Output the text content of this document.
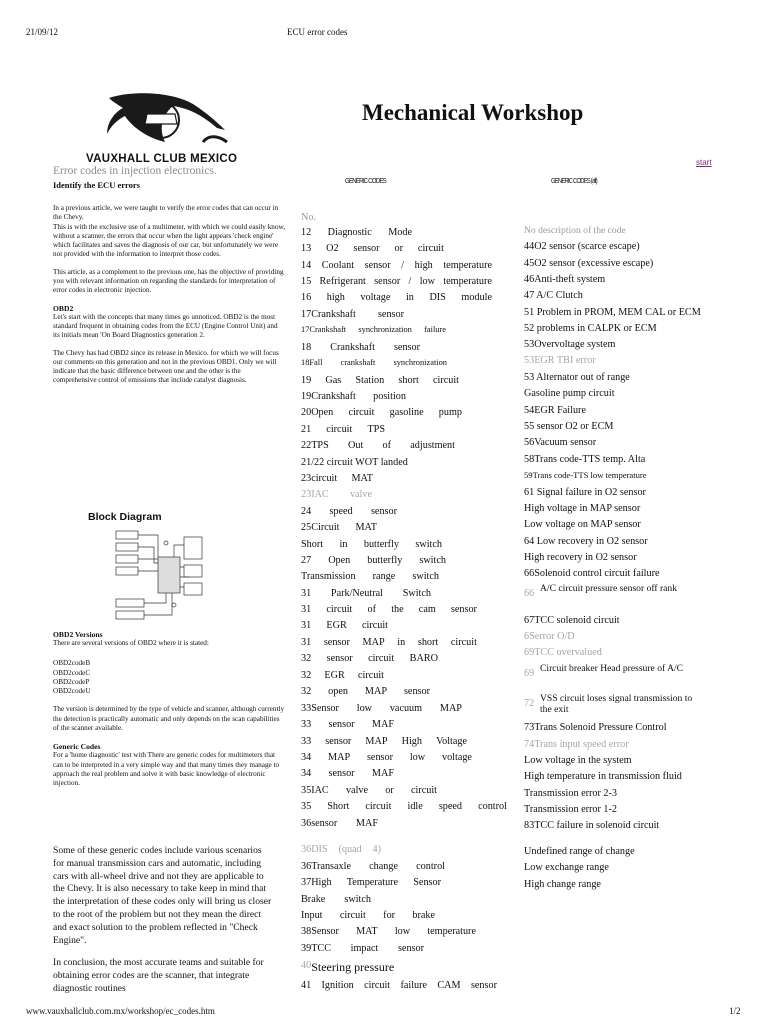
21/09/12	ECU error codes
VAUXHALL CLUB MEXICO
Mechanical Workshop
start
GENERIC CODES	GENERIC CODES (alt)
Error codes in injection electronics.
Identify the ECU errors

In a previous article, we were taught to verify the error codes that can occur in the Chevy.

This is with the exclusive use of a multimeter, with which we could easily know, without a scanner, the errors that occur when the light appears 'check engine' which facilitates and saves the diagnosis of our car, but unfortunately we were not provided with the information to interpret those codes.

This article, as a complement to the previous one, has the objective of providing you with relevant information on regarding the standards for interpretation of error codes in electronic injection.

OBD2

Let's start with the concepts that many times go unnoticed. OBD2 is the most standard frequent in obtaining codes from the ECU (Engine Control Unit) and its initials mean 'On Board Diagnostics generation 2.

The Chevy has had OBD2 since its release in Mexico. for which we will focus our comments on this generation and not in the previous OBD1. Only we will indicate that the basic difference between one and the other is the comprehensive control of emissions that include catalyst diagnosis.

Block Diagram

OBD2 Versions

There are several versions of OBD2 where it is stated:

OBD2codeB

OBD2codeC

OBD2codeP

OBD2codeU

The version is determined by the type of vehicle and scanner, although currently the detection is practically automatic and only depends on the scan capabilities of the scanner available.

Generic Codes

For a 'home diagnostic' test with There are generic codes for multimeters that can to be interpreted in a very simple way and that many times they manage to approach the real problem and solve it with basic knowledge of electronic injection.

Some of these generic codes include various scenarios for manual transmission cars and automatic, including cars with all-wheel drive and not they are applicable to the Chevy. It is also necessary to take keep in mind that the interpretation of these codes only will bring us closer to the root of the problem but not they mean the direct and exact solution to the problem reflected in "Check Engine".

In conclusion, the most accurate teams and suitable for obtaining error codes are the scanner, that integrate diagnostic routines

No.
12 Diagnostic Mode
13 O2 sensor or circuit
14 Coolant sensor / high temperature
15 Refrigerant sensor / low temperature
16 high voltage in DIS module
17Crankshaft sensor
17Crankshaft synchronization failure
18 Crankshaft sensor
18Fall crankshaft synchronization
19 Gas Station short circuit
19Crankshaft position
20Open circuit gasoline pump
21 circuit TPS
22TPS Out of adjustment
21/22 circuit WOT landed
23circuit MAT
23IAC valve
24 speed sensor
25Circuit MAT
Short in butterfly switch
27 Open butterfly switch
Transmission range switch
31 Park/Neutral Switch
31 circuit of the cam sensor
31 EGR circuit
31 sensor MAP in short circuit
32 sensor circuit BARO
32 EGR circuit
32 open MAP sensor
33Sensor low vacuum MAP
33 sensor MAF
33 sensor MAP High Voltage
34 MAP sensor low voltage
34 sensor MAF
35IAC valve or circuit
35 Short circuit idle speed control
36sensor MAF
36DIS (quad 4)
36Transaxle change control
37High Temperature Sensor
Brake switch
Input circuit for brake
38Sensor MAT low temperature
39TCC impact sensor
40 Steering pressure
41 Ignition circuit failure CAM sensor
No description of the code
44O2 sensor (scarce escape)
45O2 sensor (excessive escape)
46Anti-theft system
47 A/C Clutch
51 Problem in PROM, MEM CAL or ECM
52 problems in CALPK or ECM
53Overvoltage system
53EGR TBI error
53 Alternator out of range
Gasoline pump circuit
54EGR Failure
55 sensor O2 or ECM
56Vacuum sensor
58Trans code-TTS temp. Alta
59Trans code-TTS low temperature
61 Signal failure in O2 sensor
High voltage in MAP sensor
Low voltage on MAP sensor
64 Low recovery in O2 sensor
High recovery in O2 sensor
66Solenoid control circuit failure
66 A/C circuit pressure sensor off rank
67TCC solenoid circuit
6Serror O/D
69TCC overvalued
69 Circuit breaker Head pressure of A/C
72 VSS circuit loses signal transmission to the exit
73Trans Solenoid Pressure Control
74Trans input speed error
Low voltage in the system
High temperature in transmission fluid
Transmission error 2-3
Transmission error 1-2
83TCC failure in solenoid circuit
Undefined range of change
Low exchange range
High change range
www.vauxhallclub.com.mx/workshop/ec_codes.htm	1/2
